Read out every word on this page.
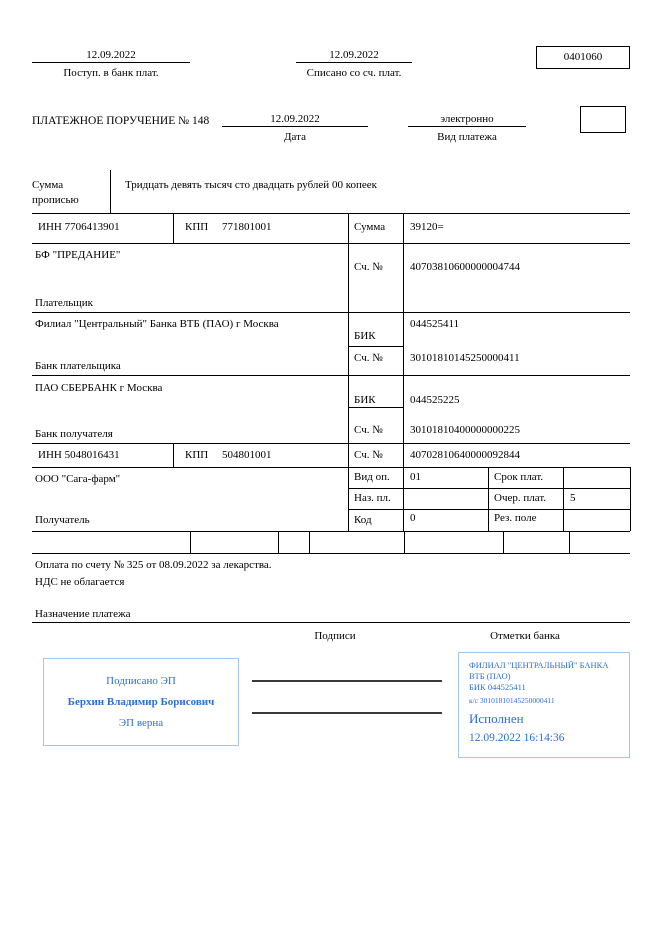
12.09.2022
Поступ. в банк плат.
12.09.2022
Списано со сч. плат.
0401060
ПЛАТЕЖНОЕ ПОРУЧЕНИЕ № 148	12.09.2022
Дата
электронно
Вид платежа
Сумма прописью
Тридцать девять тысяч сто двадцать рублей 00 копеек
ИНН 7706413901	КПП 771801001	Сумма 39120=
БФ "ПРЕДАНИЕ"
Сч. № 40703810600000004744
Плательщик
Филиал "Центральный" Банка ВТБ (ПАО) г Москва
БИК
044525411
Сч. № 30101810145250000411
Банк плательщика
ПАО СБЕРБАНК г Москва
БИК	044525225
Сч. № 30101810400000000225
Банк получателя
ИНН 5048016431	КПП 504801001	Сч. № 40702810640000092844
ООО "Сага-фарм"
Получатель
Вид оп. 01	Срок плат.
Наз. пл.	Очер. плат. 5
Код	0	Рез. поле
Оплата по счету № 325 от 08.09.2022 за лекарства.
НДС не облагается
Назначение платежа
Подписи	Отметки банка
Подписано ЭП
Берхин Владимир Борисович
ЭП верна
ФИЛИАЛ "ЦЕНТРАЛЬНЫЙ" БАНКА
ВТБ (ПАО)
БИК 044525411
к/с 30101810145250000411
Исполнен
12.09.2022 16:14:36
